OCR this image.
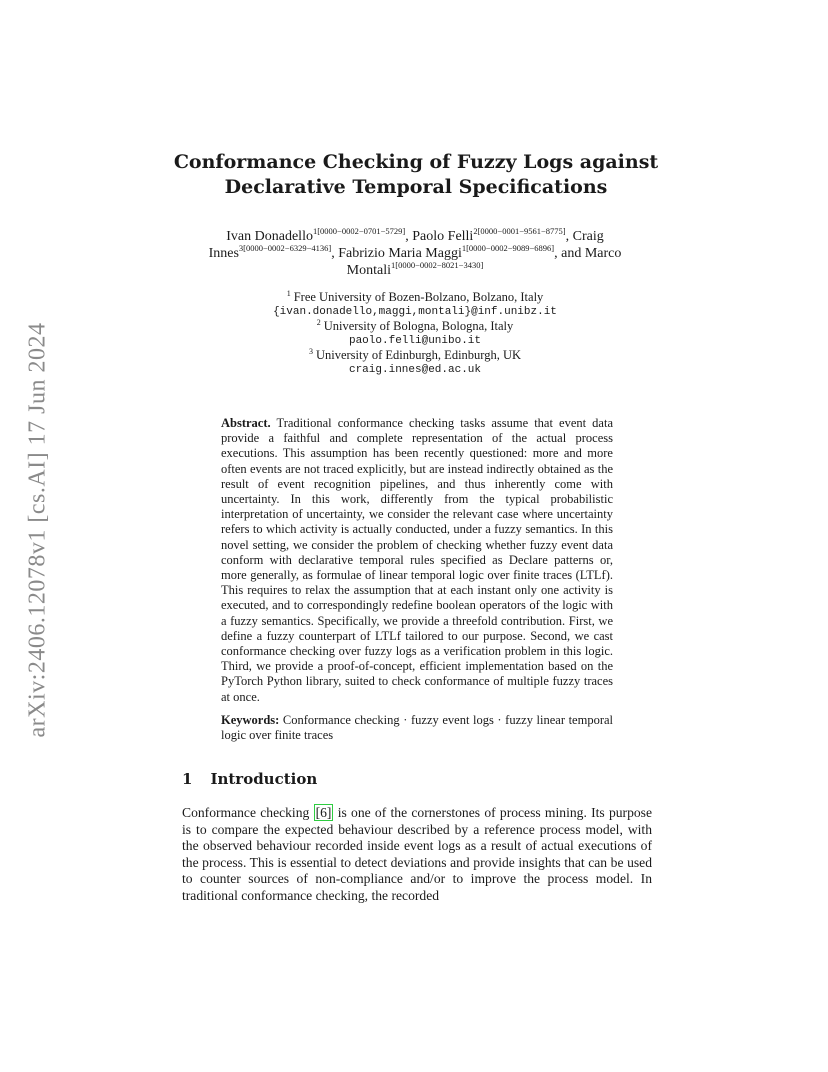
arXiv:2406.12078v1 [cs.AI] 17 Jun 2024
Conformance Checking of Fuzzy Logs against
Declarative Temporal Specifications
Ivan Donadello$^{1[0000-0002-0701-5729]}$, Paolo Felli$^{2[0000-0001-9561-8775]}$, Craig Innes$^{3[0000-0002-6329-4136]}$, Fabrizio Maria Maggi$^{1[0000-0002-9089-6896]}$, and Marco Montali$^{1[0000-0002-8021-3430]}$
$^1$ Free University of Bozen-Bolzano, Bolzano, Italy
{ivan.donadello,maggi,montali}@inf.unibz.it
$^2$ University of Bologna, Bologna, Italy
paolo.felli@unibo.it
$^3$ University of Edinburgh, Edinburgh, UK
craig.innes@ed.ac.uk
Abstract. Traditional conformance checking tasks assume that event data provide a faithful and complete representation of the actual process executions. This assumption has been recently questioned: more and more often events are not traced explicitly, but are instead indirectly obtained as the result of event recognition pipelines, and thus inherently come with uncertainty. In this work, differently from the typical probabilistic interpretation of uncertainty, we consider the relevant case where uncertainty refers to which activity is actually conducted, under a fuzzy semantics. In this novel setting, we consider the problem of checking whether fuzzy event data conform with declarative temporal rules specified as Declare patterns or, more generally, as formulae of linear temporal logic over finite traces (LTLf). This requires to relax the assumption that at each instant only one activity is executed, and to correspondingly redefine boolean operators of the logic with a fuzzy semantics. Specifically, we provide a threefold contribution. First, we define a fuzzy counterpart of LTLf tailored to our purpose. Second, we cast conformance checking over fuzzy logs as a verification problem in this logic. Third, we provide a proof-of-concept, efficient implementation based on the PyTorch Python library, suited to check conformance of multiple fuzzy traces at once.
Keywords: Conformance checking · fuzzy event logs · fuzzy linear temporal logic over finite traces
1 Introduction
Conformance checking [6] is one of the cornerstones of process mining. Its purpose is to compare the expected behaviour described by a reference process model, with the observed behaviour recorded inside event logs as a result of actual executions of the process. This is essential to detect deviations and provide insights that can be used to counter sources of non-compliance and/or to improve the process model. In traditional conformance checking, the recorded
